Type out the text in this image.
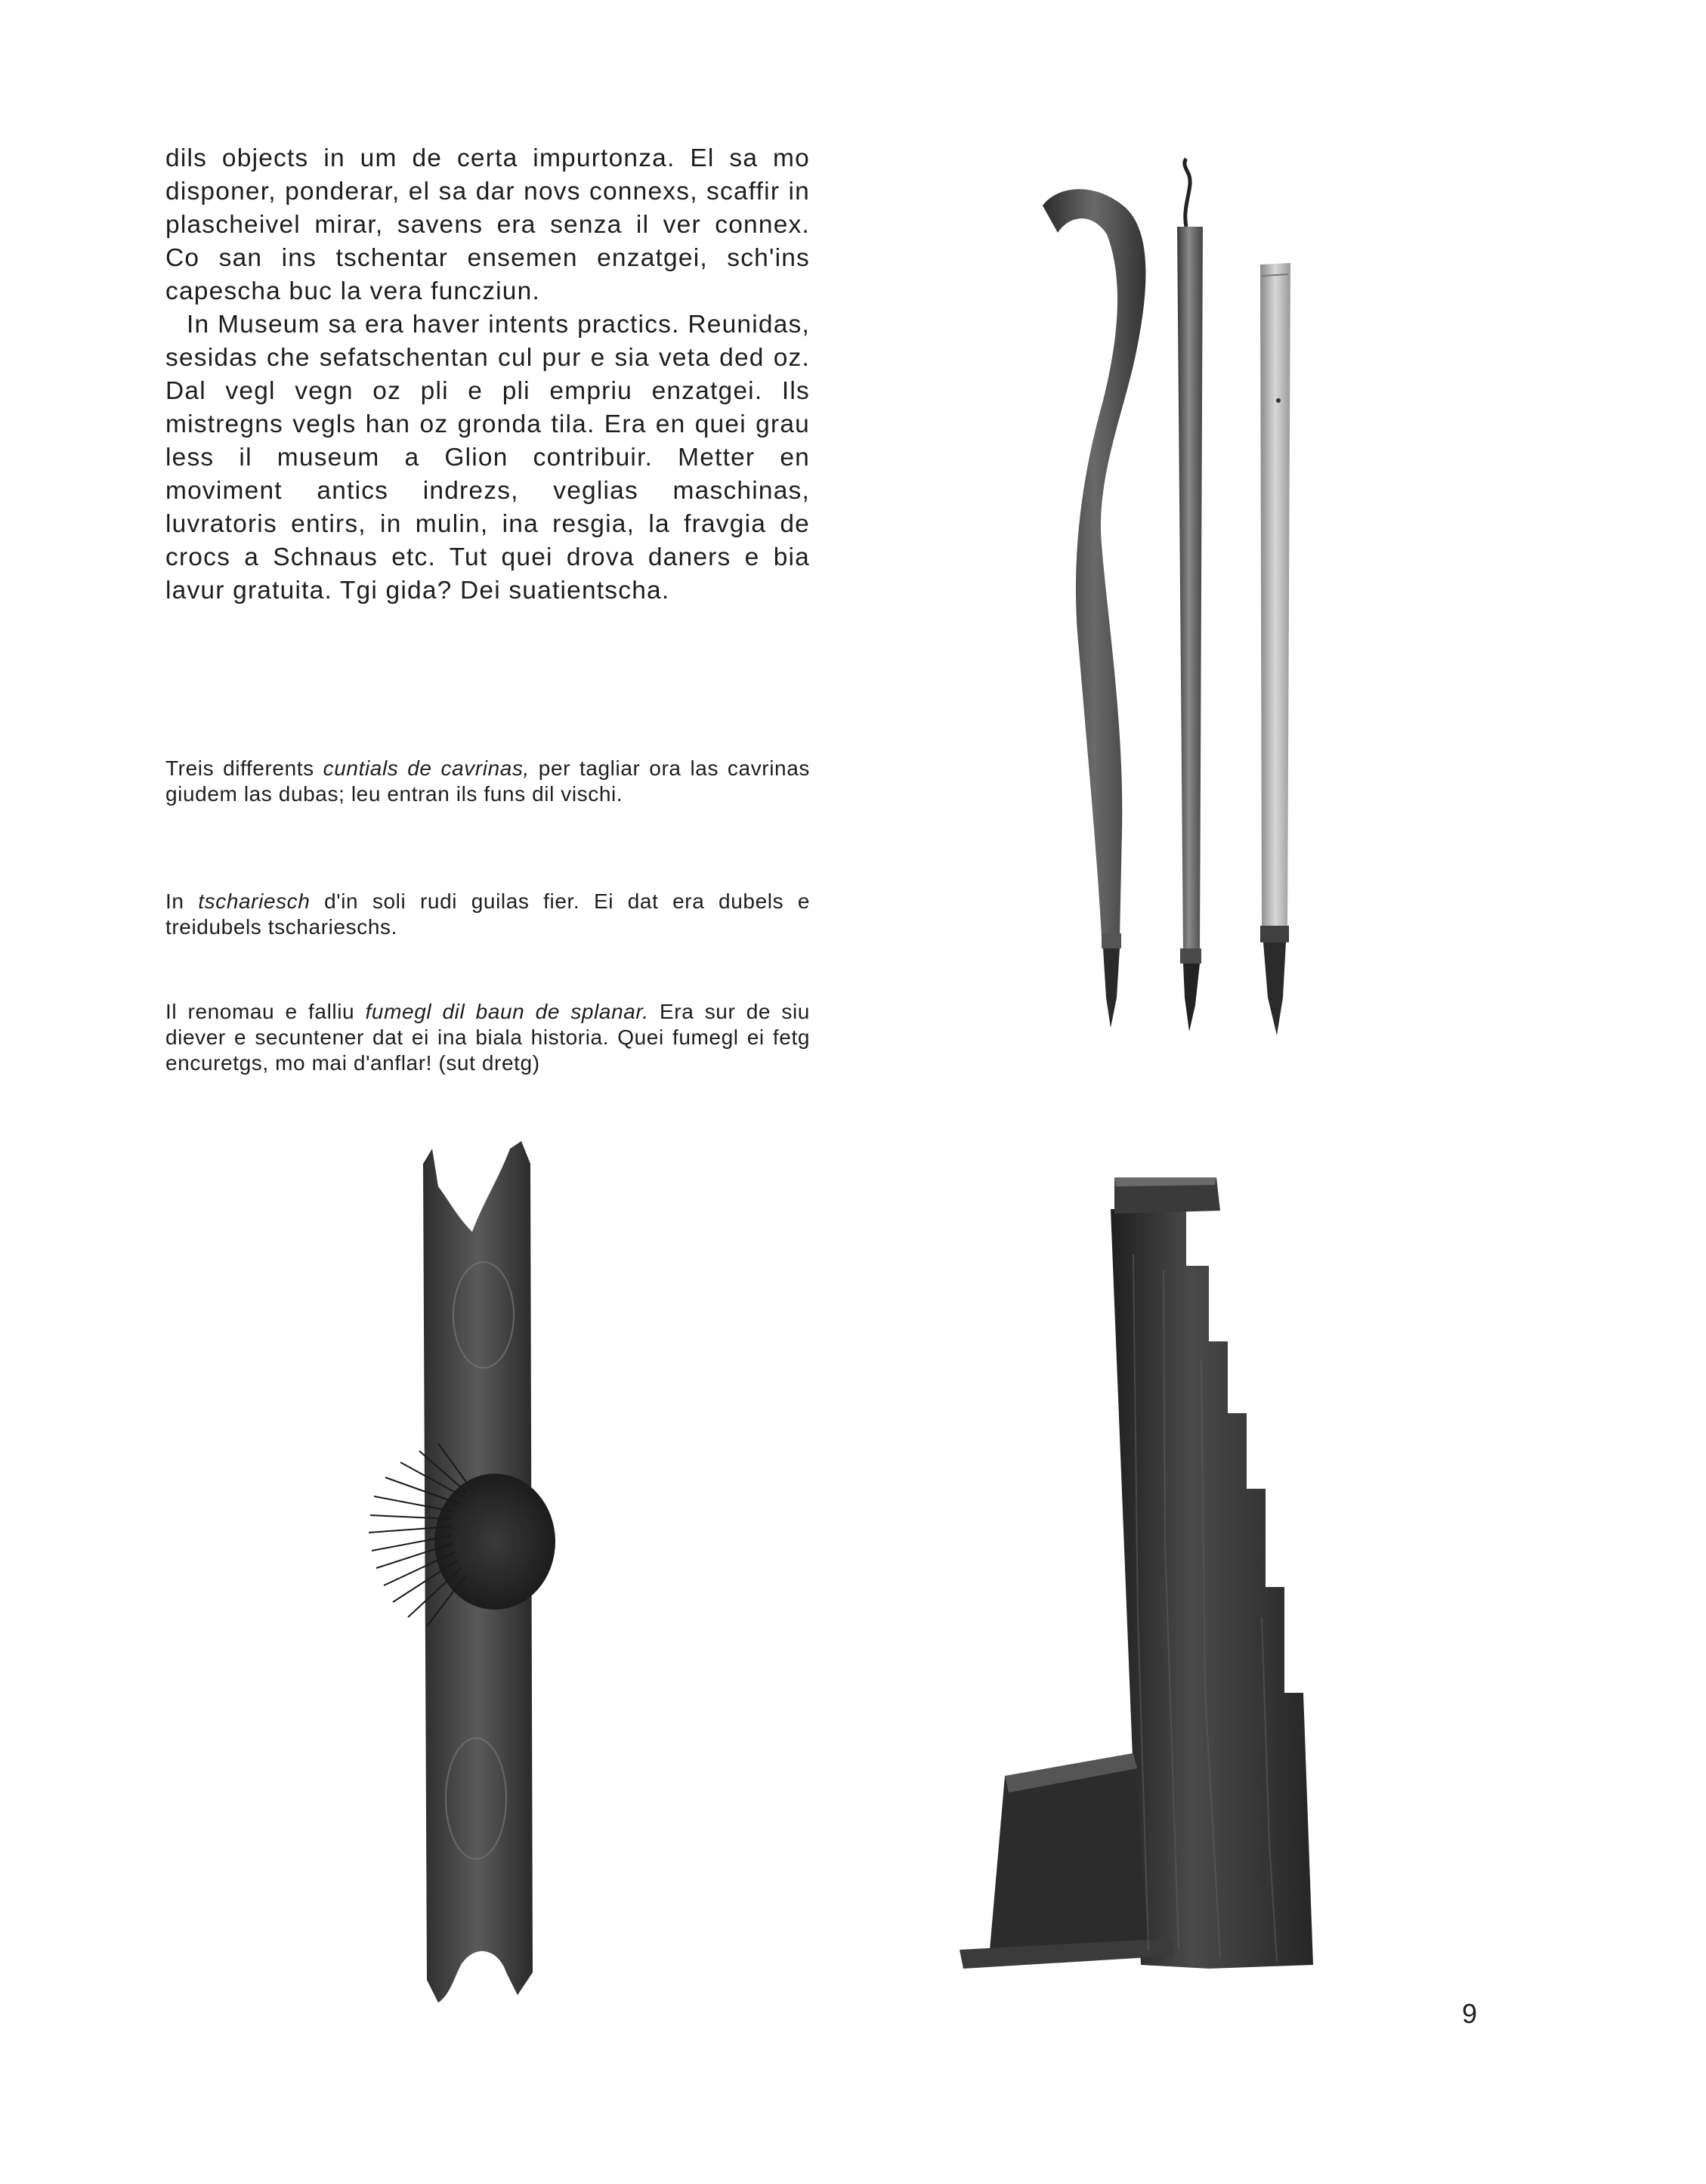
dils objects in um de certa impurtonza. El sa mo disponer, ponderar, el sa dar novs connexs, scaffir in plascheivel mirar, savens era senza il ver connex. Co san ins tschentar ensemen enzatgei, sch'ins capescha buc la vera funcziun.

In Museum sa era haver intents practics. Reunidas, sesidas che sefatschentan cul pur e sia veta ded oz. Dal vegl vegn oz pli e pli empriu enzatgei. Ils mistregns vegls han oz gronda tila. Era en quei grau less il museum a Glion contribuir. Metter en moviment antics indrezs, veglias maschinas, luvratoris entirs, in mulin, ina resgia, la fravgia de crocs a Schnaus etc. Tut quei drova daners e bia lavur gratuita. Tgi gida? Dei suatientscha.

Treis differents cuntials de cavrinas, per tagliar ora las cavrinas giudem las dubas; leu entran ils funs dil vischi.

In tschariesch d'in soli rudi guilas fier. Ei dat era dubels e treidubels tscharieschs.

Il renomau e falliu fumegl dil baun de splanar. Era sur de siu diever e secuntener dat ei ina biala historia. Quei fumegl ei fetg encuretgs, mo mai d'anflar! (sut dretg)

9
